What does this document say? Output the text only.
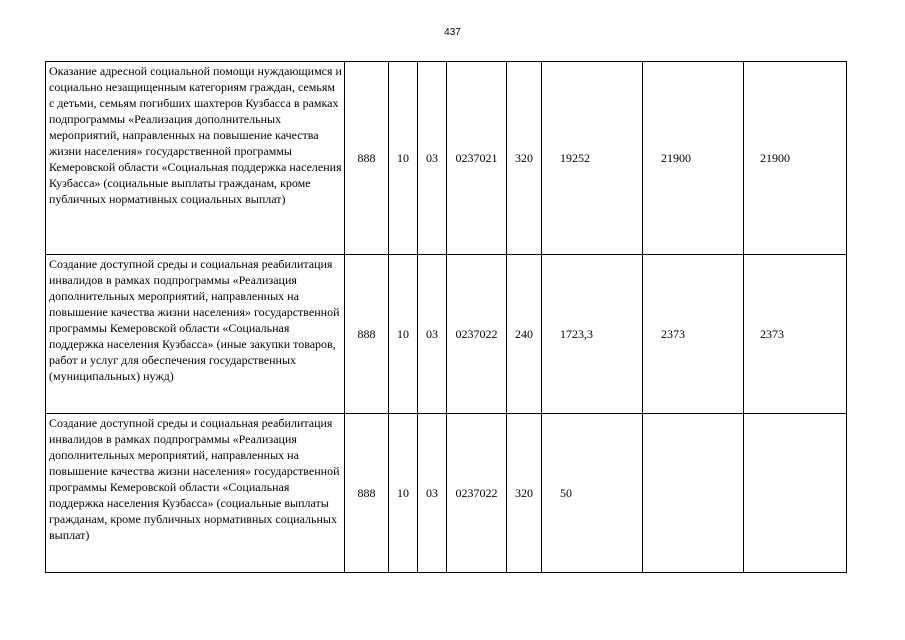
437
Оказание адресной социальной помощи нуждающимся и социально незащищенным категориям граждан, семьям с детьми, семьям погибших шахтеров Кузбасса в рамках подпрограммы «Реализация дополнительных мероприятий, направленных на повышение качества жизни населения» государственной программы Кемеровской области «Социальная поддержка населения Кузбасса» (социальные выплаты гражданам, кроме публичных нормативных социальных выплат)	888	10	03	0237021	320	19252	21900	21900
Создание доступной среды и социальная реабилитация инвалидов в рамках подпрограммы «Реализация дополнительных мероприятий, направленных на повышение качества жизни населения» государственной программы Кемеровской области «Социальная поддержка населения Кузбасса» (иные закупки товаров, работ и услуг для обеспечения государственных (муниципальных) нужд)	888	10	03	0237022	240	1723,3	2373	2373
Создание доступной среды и социальная реабилитация инвалидов в рамках подпрограммы «Реализация дополнительных мероприятий, направленных на повышение качества жизни населения» государственной программы Кемеровской области «Социальная поддержка населения Кузбасса» (социальные выплаты гражданам, кроме публичных нормативных социальных выплат)	888	10	03	0237022	320	50		
